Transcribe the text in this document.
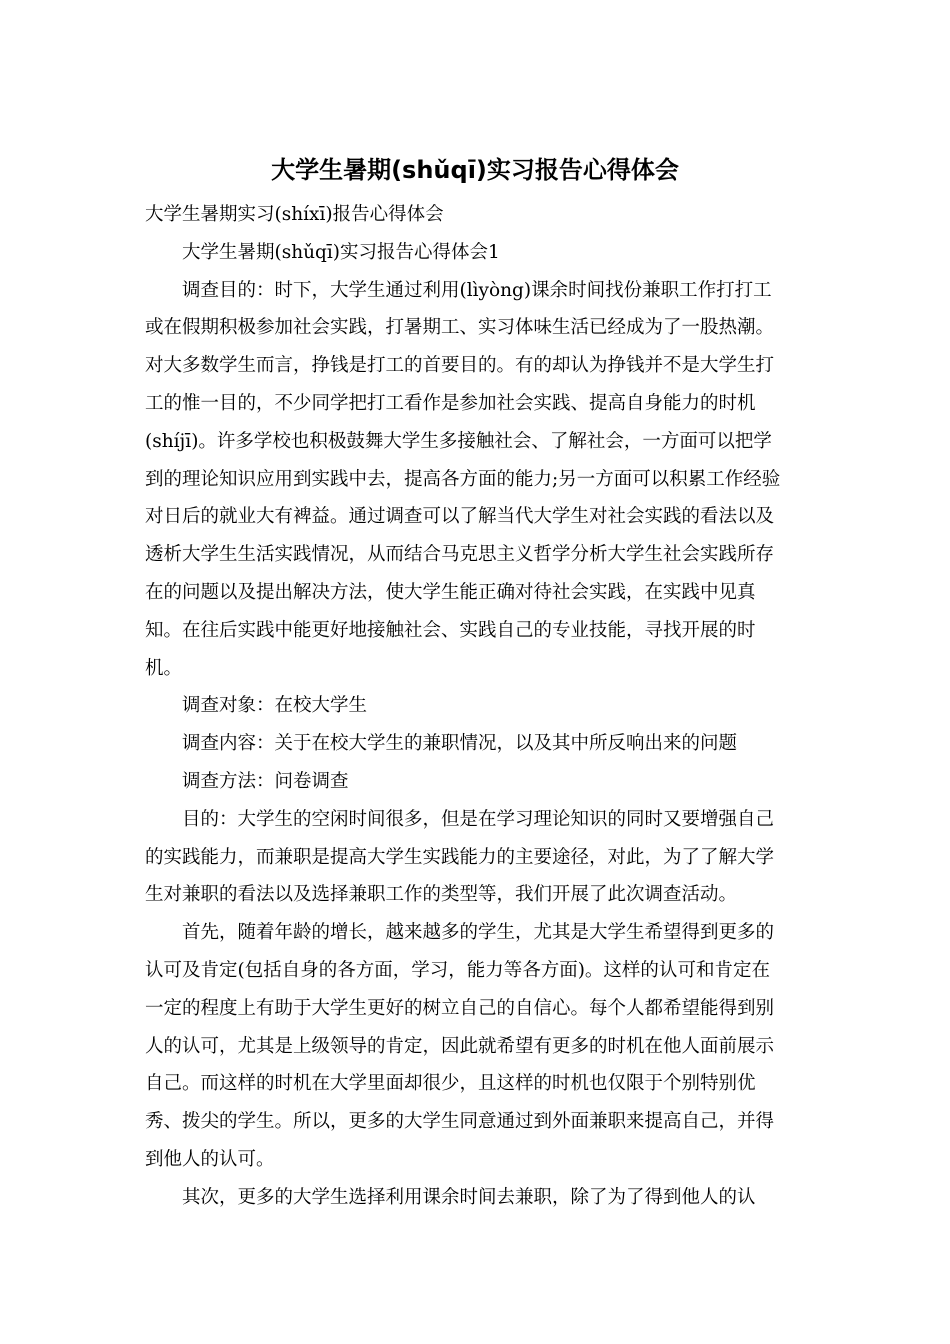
大学生暑期(shǔqī)实习报告心得体会
大学生暑期实习(shíxī)报告心得体会
大学生暑期(shǔqī)实习报告心得体会1
调查目的：时下，大学生通过利用(lìyòng)课余时间找份兼职工作打打工
或在假期积极参加社会实践，打暑期工、实习体味生活已经成为了一股热潮。
对大多数学生而言，挣钱是打工的首要目的。有的却认为挣钱并不是大学生打
工的惟一目的，不少同学把打工看作是参加社会实践、提高自身能力的时机
(shíjī)。许多学校也积极鼓舞大学生多接触社会、了解社会，一方面可以把学
到的理论知识应用到实践中去，提高各方面的能力;另一方面可以积累工作经验
对日后的就业大有裨益。通过调查可以了解当代大学生对社会实践的看法以及
透析大学生生活实践情况，从而结合马克思主义哲学分析大学生社会实践所存
在的问题以及提出解决方法，使大学生能正确对待社会实践，在实践中见真
知。在往后实践中能更好地接触社会、实践自己的专业技能，寻找开展的时
机。
调查对象：在校大学生
调查内容：关于在校大学生的兼职情况，以及其中所反响出来的问题
调查方法：问卷调查
目的：大学生的空闲时间很多，但是在学习理论知识的同时又要增强自己
的实践能力，而兼职是提高大学生实践能力的主要途径，对此，为了了解大学
生对兼职的看法以及选择兼职工作的类型等，我们开展了此次调查活动。
首先，随着年龄的增长，越来越多的学生，尤其是大学生希望得到更多的
认可及肯定(包括自身的各方面，学习，能力等各方面)。这样的认可和肯定在
一定的程度上有助于大学生更好的树立自己的自信心。每个人都希望能得到别
人的认可，尤其是上级领导的肯定，因此就希望有更多的时机在他人面前展示
自己。而这样的时机在大学里面却很少，且这样的时机也仅限于个别特别优
秀、拨尖的学生。所以，更多的大学生同意通过到外面兼职来提高自己，并得
到他人的认可。
其次，更多的大学生选择利用课余时间去兼职，除了为了得到他人的认
